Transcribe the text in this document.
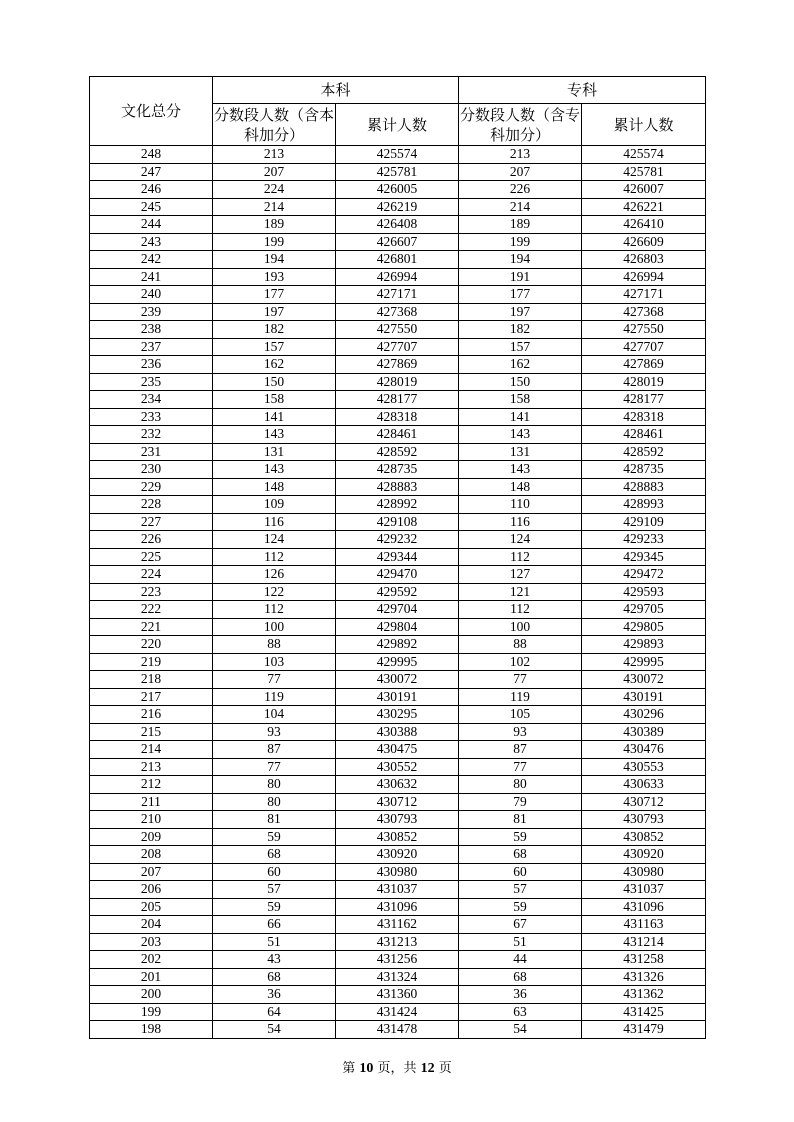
文化总分	本科		专科	
	分数段人数（含本科加分）	累计人数	分数段人数（含专科加分）	累计人数
248	213	425574	213	425574
247	207	425781	207	425781
246	224	426005	226	426007
245	214	426219	214	426221
244	189	426408	189	426410
243	199	426607	199	426609
242	194	426801	194	426803
241	193	426994	191	426994
240	177	427171	177	427171
239	197	427368	197	427368
238	182	427550	182	427550
237	157	427707	157	427707
236	162	427869	162	427869
235	150	428019	150	428019
234	158	428177	158	428177
233	141	428318	141	428318
232	143	428461	143	428461
231	131	428592	131	428592
230	143	428735	143	428735
229	148	428883	148	428883
228	109	428992	110	428993
227	116	429108	116	429109
226	124	429232	124	429233
225	112	429344	112	429345
224	126	429470	127	429472
223	122	429592	121	429593
222	112	429704	112	429705
221	100	429804	100	429805
220	88	429892	88	429893
219	103	429995	102	429995
218	77	430072	77	430072
217	119	430191	119	430191
216	104	430295	105	430296
215	93	430388	93	430389
214	87	430475	87	430476
213	77	430552	77	430553
212	80	430632	80	430633
211	80	430712	79	430712
210	81	430793	81	430793
209	59	430852	59	430852
208	68	430920	68	430920
207	60	430980	60	430980
206	57	431037	57	431037
205	59	431096	59	431096
204	66	431162	67	431163
203	51	431213	51	431214
202	43	431256	44	431258
201	68	431324	68	431326
200	36	431360	36	431362
199	64	431424	63	431425
198	54	431478	54	431479
第 10 页，共 12 页
